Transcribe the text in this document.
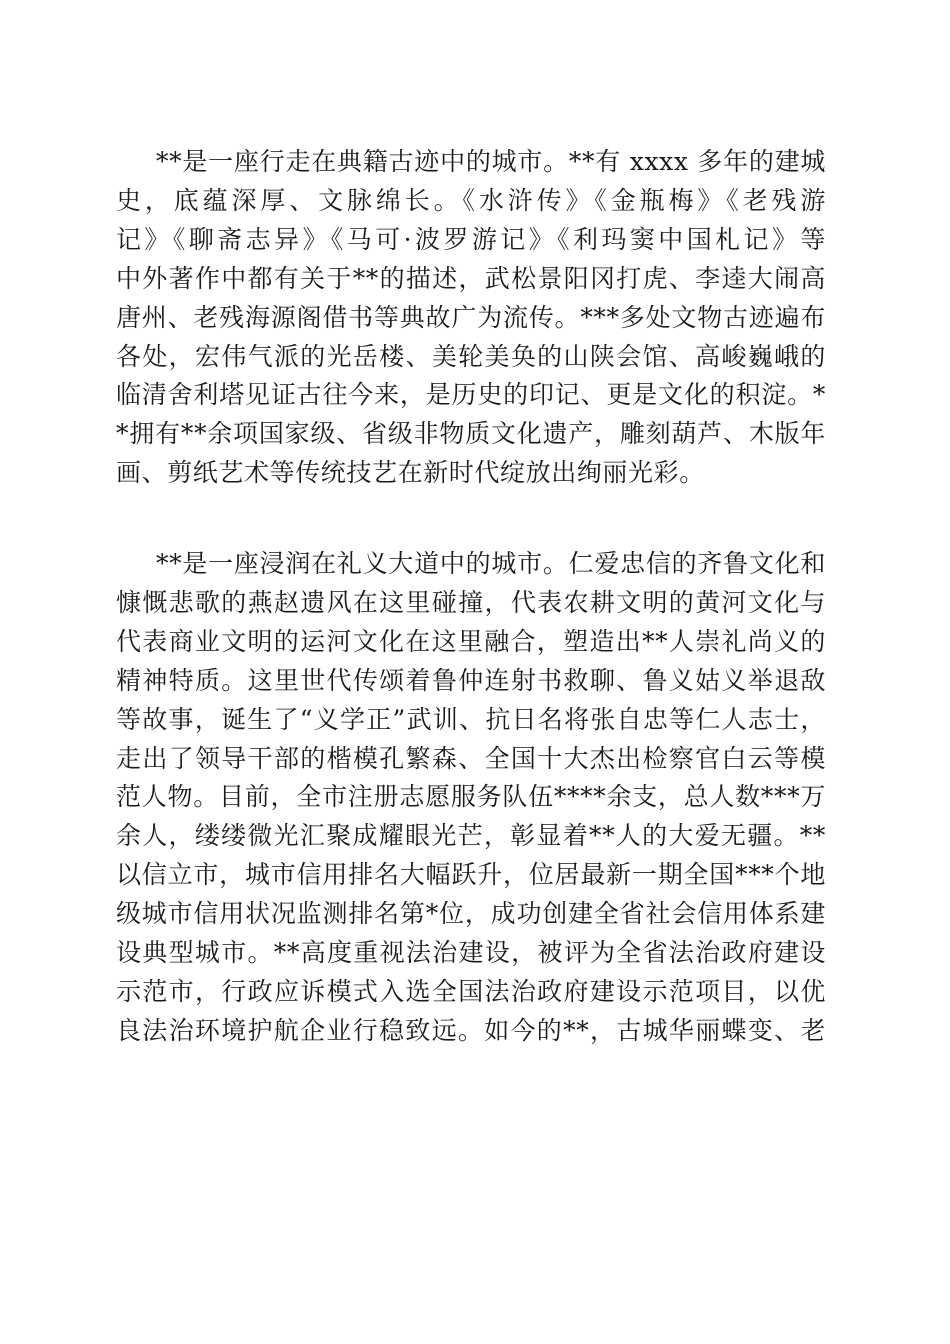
**是一座行走在典籍古迹中的城市。**有 xxxx 多年的建城
史，底蕴深厚、文脉绵长。《水浒传》《金瓶梅》《老残游
记》《聊斋志异》《马可·波罗游记》《利玛窦中国札记》等
中外著作中都有关于**的描述，武松景阳冈打虎、李逵大闹高
唐州、老残海源阁借书等典故广为流传。***多处文物古迹遍布
各处，宏伟气派的光岳楼、美轮美奂的山陕会馆、高峻巍峨的
临清舍利塔见证古往今来，是历史的印记、更是文化的积淀。*
*拥有**余项国家级、省级非物质文化遗产，雕刻葫芦、木版年
画、剪纸艺术等传统技艺在新时代绽放出绚丽光彩。
**是一座浸润在礼义大道中的城市。仁爱忠信的齐鲁文化和
慷慨悲歌的燕赵遗风在这里碰撞，代表农耕文明的黄河文化与
代表商业文明的运河文化在这里融合，塑造出**人崇礼尚义的
精神特质。这里世代传颂着鲁仲连射书救聊、鲁义姑义举退敌
等故事，诞生了“义学正”武训、抗日名将张自忠等仁人志士，
走出了领导干部的楷模孔繁森、全国十大杰出检察官白云等模
范人物。目前，全市注册志愿服务队伍****余支，总人数***万
余人，缕缕微光汇聚成耀眼光芒，彰显着**人的大爱无疆。**
以信立市，城市信用排名大幅跃升，位居最新一期全国***个地
级城市信用状况监测排名第*位，成功创建全省社会信用体系建
设典型城市。**高度重视法治建设，被评为全省法治政府建设
示范市，行政应诉模式入选全国法治政府建设示范项目，以优
良法治环境护航企业行稳致远。如今的**，古城华丽蝶变、老
